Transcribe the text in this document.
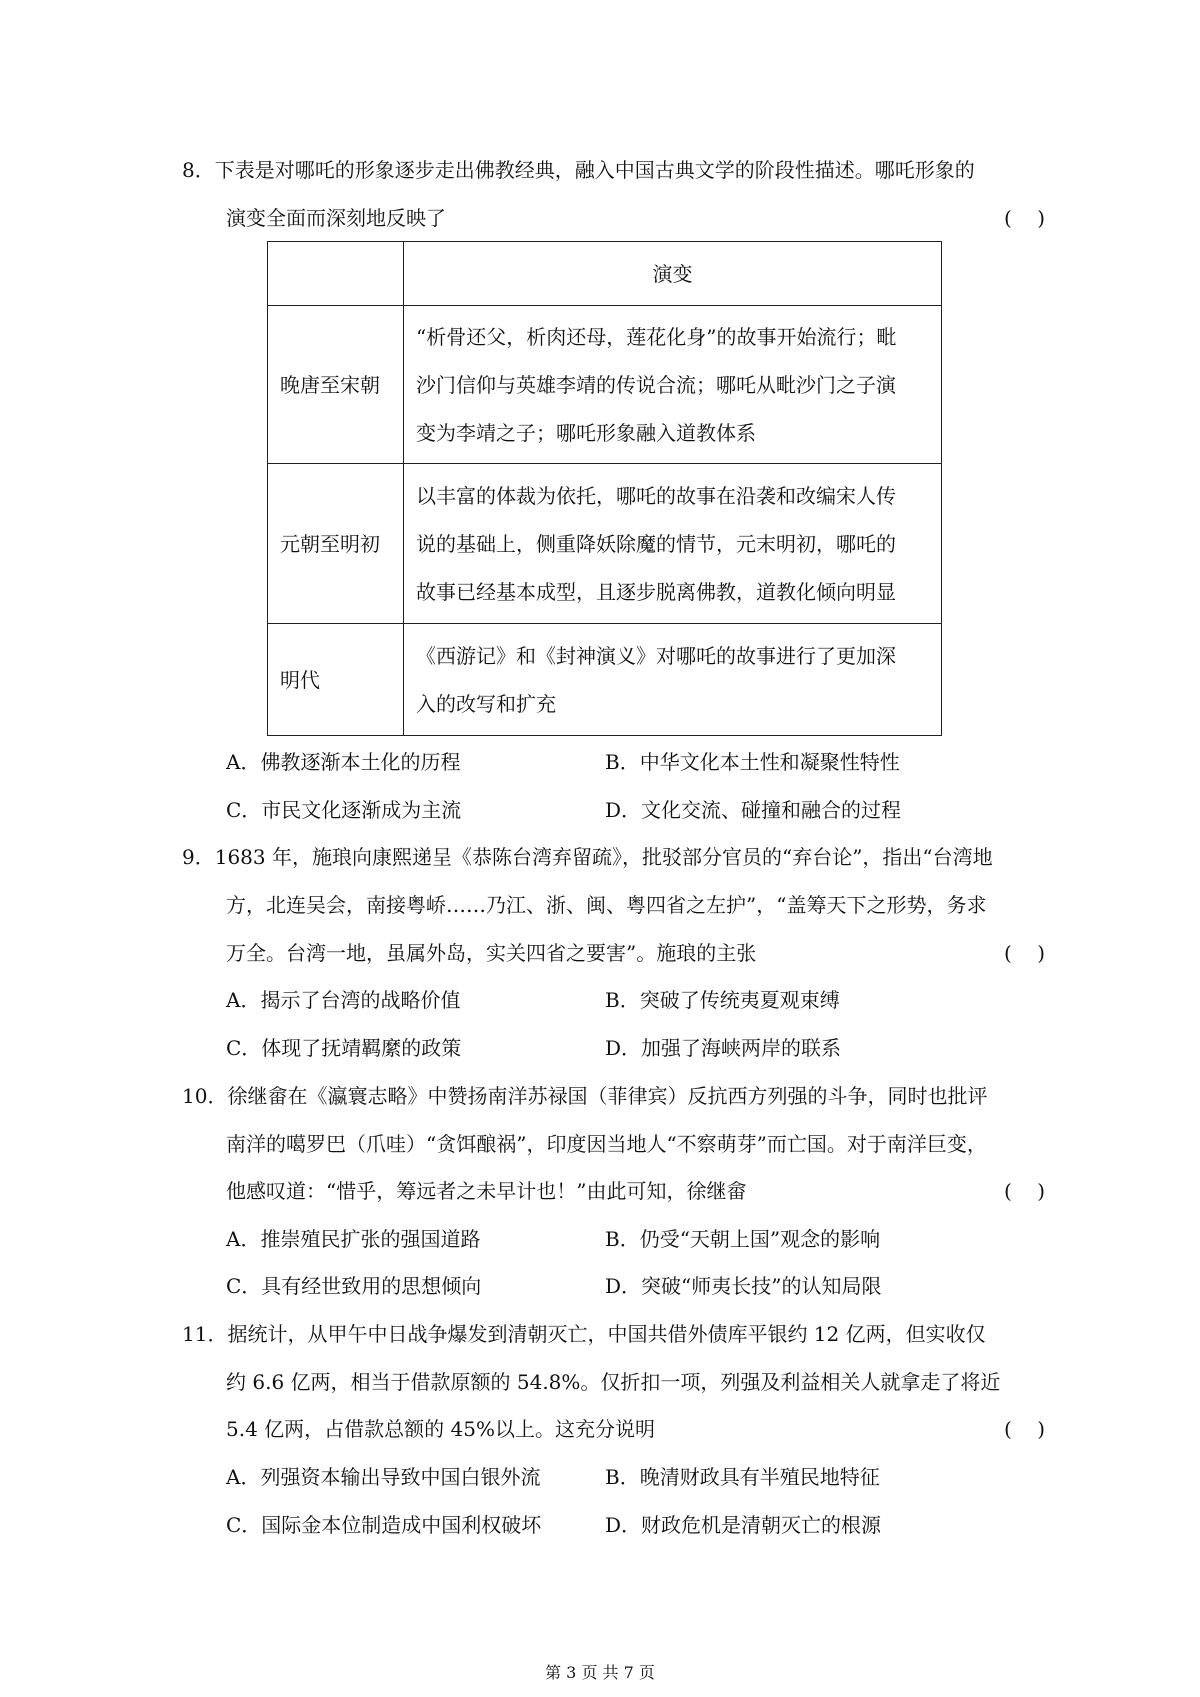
8．下表是对哪吒的形象逐步走出佛教经典，融入中国古典文学的阶段性描述。哪吒形象的
演变全面而深刻地反映了	(    )
	演变
晚唐至宋朝	“析骨还父，析肉还母，莲花化身”的故事开始流行；毗
沙门信仰与英雄李靖的传说合流；哪吒从毗沙门之子演
变为李靖之子；哪吒形象融入道教体系

元朝至明初	以丰富的体裁为依托，哪吒的故事在沿袭和改编宋人传
说的基础上，侧重降妖除魔的情节，元末明初，哪吒的
故事已经基本成型，且逐步脱离佛教，道教化倾向明显

明代	《西游记》和《封神演义》对哪吒的故事进行了更加深
入的改写和扩充
A．佛教逐渐本土化的历程	B．中华文化本土性和凝聚性特性
C．市民文化逐渐成为主流	D．文化交流、碰撞和融合的过程
9．1683 年，施琅向康熙递呈《恭陈台湾弃留疏》，批驳部分官员的“弃台论”，指出“台湾地
方，北连吴会，南接粤峤……乃江、浙、闽、粤四省之左护”，“盖筹天下之形势，务求
万全。台湾一地，虽属外岛，实关四省之要害”。施琅的主张	(    )
A．揭示了台湾的战略价值	B．突破了传统夷夏观束缚
C．体现了抚靖羁縻的政策	D．加强了海峡两岸的联系
10．徐继畲在《瀛寰志略》中赞扬南洋苏禄国（菲律宾）反抗西方列强的斗争，同时也批评
南洋的噶罗巴（爪哇）“贪饵酿祸”，印度因当地人“不察萌芽”而亡国。对于南洋巨变，
他感叹道：“惜乎，筹远者之未早计也！”由此可知，徐继畲	(    )
A．推崇殖民扩张的强国道路	B．仍受“天朝上国”观念的影响
C．具有经世致用的思想倾向	D．突破“师夷长技”的认知局限
11．据统计，从甲午中日战争爆发到清朝灭亡，中国共借外债库平银约 12 亿两，但实收仅
约 6.6 亿两，相当于借款原额的 54.8%。仅折扣一项，列强及利益相关人就拿走了将近
5.4 亿两，占借款总额的 45%以上。这充分说明	(    )
A．列强资本输出导致中国白银外流	B．晚清财政具有半殖民地特征
C．国际金本位制造成中国利权破坏	D．财政危机是清朝灭亡的根源
第 3 页 共 7 页
